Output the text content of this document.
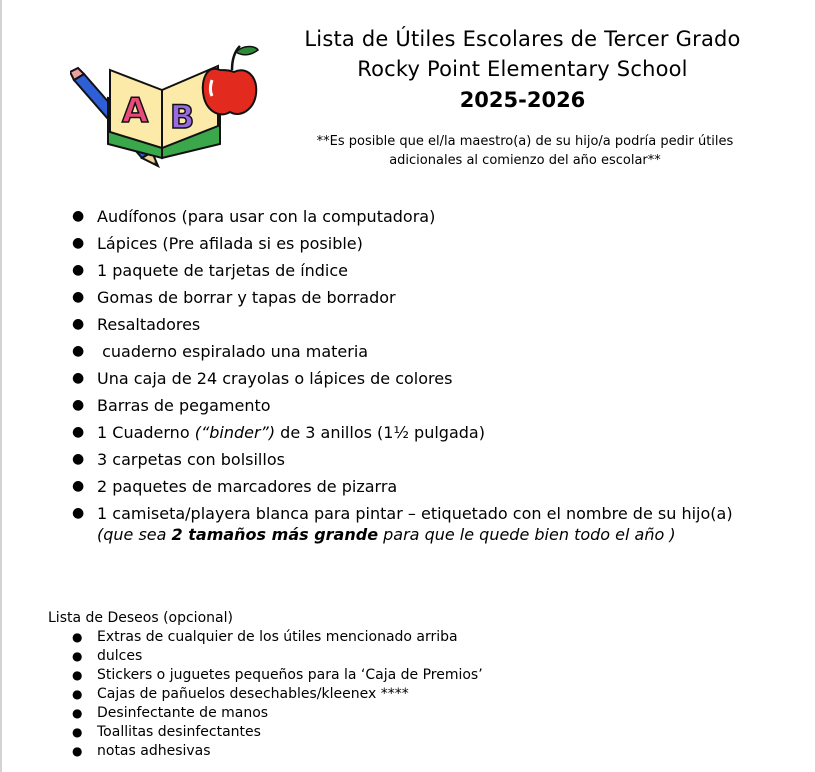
A B
Lista de Útiles Escolares de Tercer Grado
Rocky Point Elementary School
2025-2026
**Es posible que el/la maestro(a) de su hijo/a podría pedir útiles
adicionales al comienzo del año escolar**
● Audífonos (para usar con la computadora)
● Lápices (Pre afilada si es posible)
● 1 paquete de tarjetas de índice
● Gomas de borrar y tapas de borrador
● Resaltadores
● cuaderno espiralado una materia
● Una caja de 24 crayolas o lápices de colores
● Barras de pegamento
● 1 Cuaderno (“binder”) de 3 anillos (1½ pulgada)
● 3 carpetas con bolsillos
● 2 paquetes de marcadores de pizarra
● 1 camiseta/playera blanca para pintar – etiquetado con el nombre de su hijo(a)
(que sea 2 tamaños más grande para que le quede bien todo el año )
Lista de Deseos (opcional)
● Extras de cualquier de los útiles mencionado arriba
● dulces
● Stickers o juguetes pequeños para la ‘Caja de Premios’
● Cajas de pañuelos desechables/kleenex ****
● Desinfectante de manos
● Toallitas desinfectantes
● notas adhesivas
